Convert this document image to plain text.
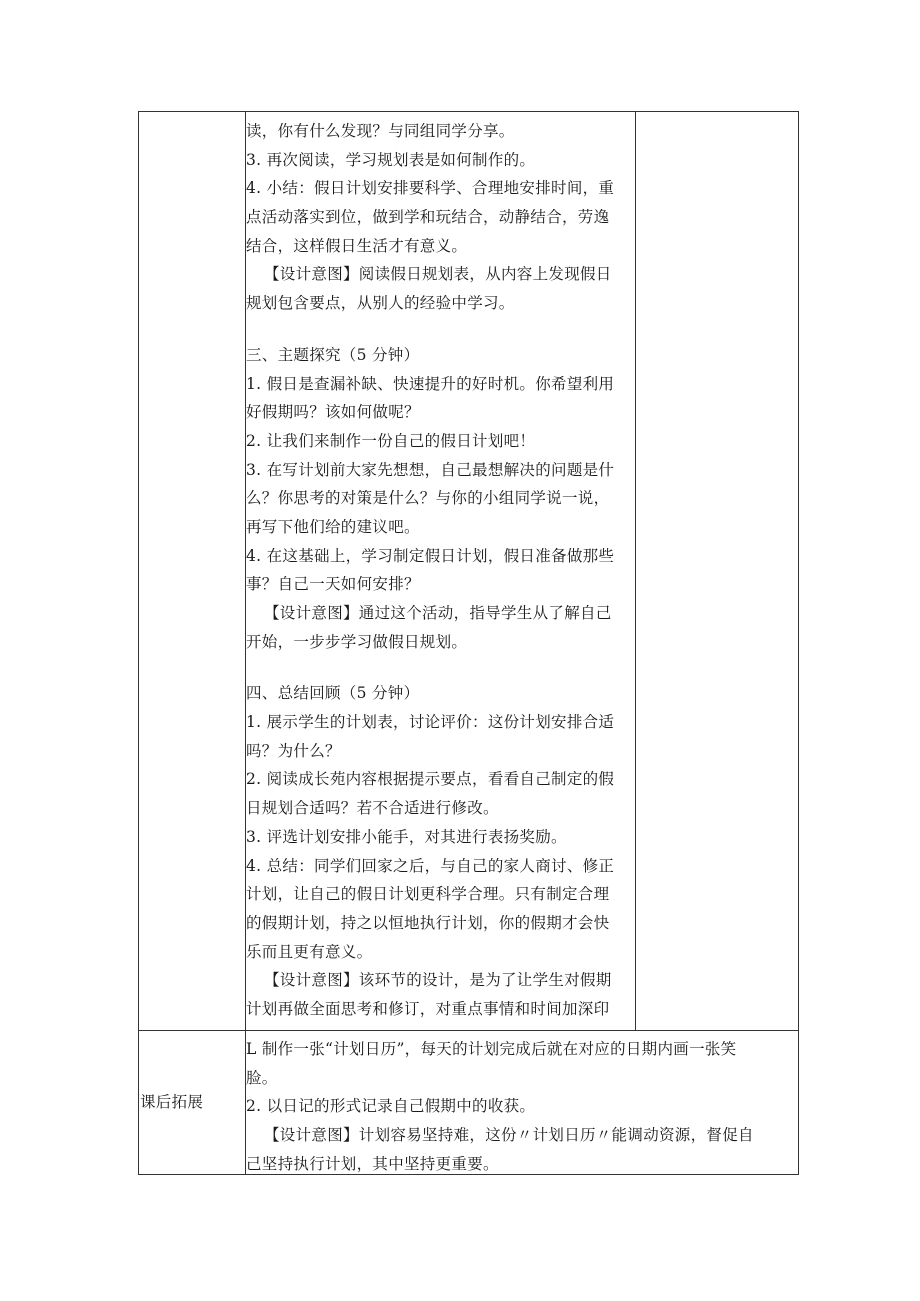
读，你有什么发现？与同组同学分享。
3. 再次阅读，学习规划表是如何制作的。
4. 小结：假日计划安排要科学、合理地安排时间，重
点活动落实到位，做到学和玩结合，动静结合，劳逸
结合，这样假日生活才有意义。
【设计意图】阅读假日规划表，从内容上发现假日
规划包含要点，从别人的经验中学习。
三、主题探究（5 分钟）
1. 假日是查漏补缺、快速提升的好时机。你希望利用
好假期吗？该如何做呢？
2. 让我们来制作一份自己的假日计划吧！
3. 在写计划前大家先想想，自己最想解决的问题是什
么？你思考的对策是什么？与你的小组同学说一说，
再写下他们给的建议吧。
4. 在这基础上，学习制定假日计划，假日准备做那些
事？自己一天如何安排？
【设计意图】通过这个活动，指导学生从了解自己
开始，一步步学习做假日规划。
四、总结回顾（5 分钟）
1. 展示学生的计划表，讨论评价：这份计划安排合适
吗？为什么？
2. 阅读成长苑内容根据提示要点，看看自己制定的假
日规划合适吗？若不合适进行修改。
3. 评选计划安排小能手，对其进行表扬奖励。
4. 总结：同学们回家之后，与自己的家人商讨、修正
计划，让自己的假日计划更科学合理。只有制定合理
的假期计划，持之以恒地执行计划，你的假期才会快
乐而且更有意义。
【设计意图】该环节的设计，是为了让学生对假期
计划再做全面思考和修订，对重点事情和时间加深印
课后拓展
L 制作一张“计划日历”，每天的计划完成后就在对应的日期内画一张笑
脸。
2. 以日记的形式记录自己假期中的收获。
【设计意图】计划容易坚持难，这份〃计划日历〃能调动资源，督促自
己坚持执行计划，其中坚持更重要。
